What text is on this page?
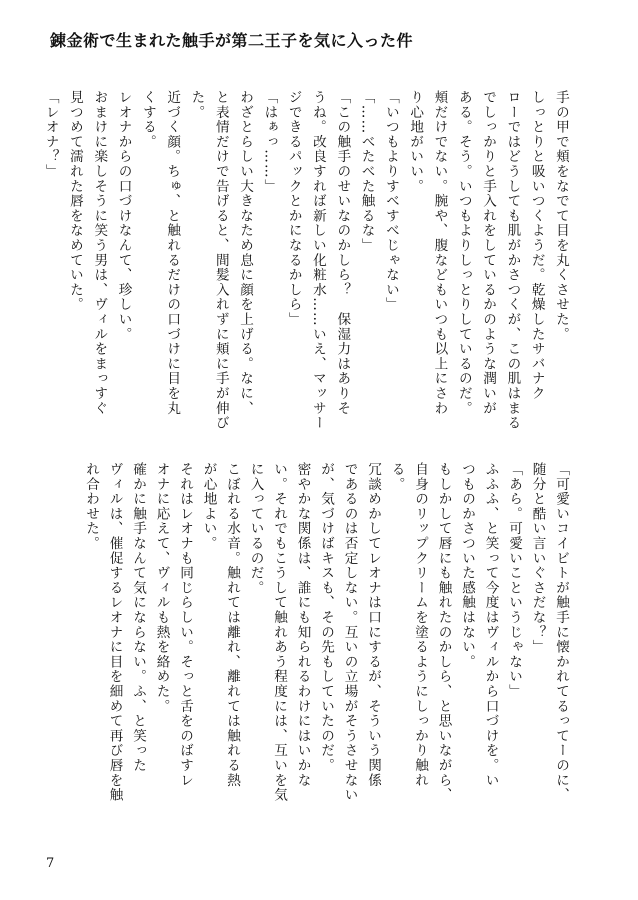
錬金術で生まれた触手が第二王子を気に入った件
手の甲で頬をなでて目を丸くさせた。
しっとりと吸いつくようだ。乾燥したサバナク
ローではどうしても肌がかさつくが、この肌はまる
でしっかりと手入れをしているかのような潤いが
ある。そう。いつもよりしっとりしているのだ。
頬だけでない。腕や、腹などもいつも以上にさわ
り心地がいい。
「いつもよりすべすべじゃない」
「……べたべた触るな」
「この触手のせいなのかしら？　保湿力はありそ
うね。改良すれば新しい化粧水……いえ、マッサー
ジできるパックとかになるかしら」
「はぁっ……」
わざとらしい大きなため息に顔を上げる。なに、
と表情だけで告げると、間髪入れずに頬に手が伸び
た。
近づく顔。ちゅ、と触れるだけの口づけに目を丸
くする。
レオナからの口づけなんて、珍しい。
おまけに楽しそうに笑う男は、ヴィルをまっすぐ
見つめて濡れた唇をなめていた。
「レオナ？」
「可愛いコイビトが触手に懐かれてるってーのに、
随分と酷い言いぐさだな？」
「あら。可愛いこというじゃない」
ふふふ、と笑って今度はヴィルから口づけを。い
つものかさついた感触はない。
もしかして唇にも触れたのかしら、と思いながら、
自身のリップクリームを塗るようにしっかり触れ
る。
冗談めかしてレオナは口にするが、そういう関係
であるのは否定しない。互いの立場がそうさせない
が、気づけばキスも、その先もしていたのだ。
密やかな関係は、誰にも知られるわけにはいかな
い。それでもこうして触れあう程度には、互いを気
に入っているのだ。
こぼれる水音。触れては離れ、離れては触れる熱
が心地よい。
それはレオナも同じらしい。そっと舌をのばすレ
オナに応えて、ヴィルも熱を絡めた。
確かに触手なんて気にならない。ふ、と笑った
ヴィルは、催促するレオナに目を細めて再び唇を触
れ合わせた。
7
